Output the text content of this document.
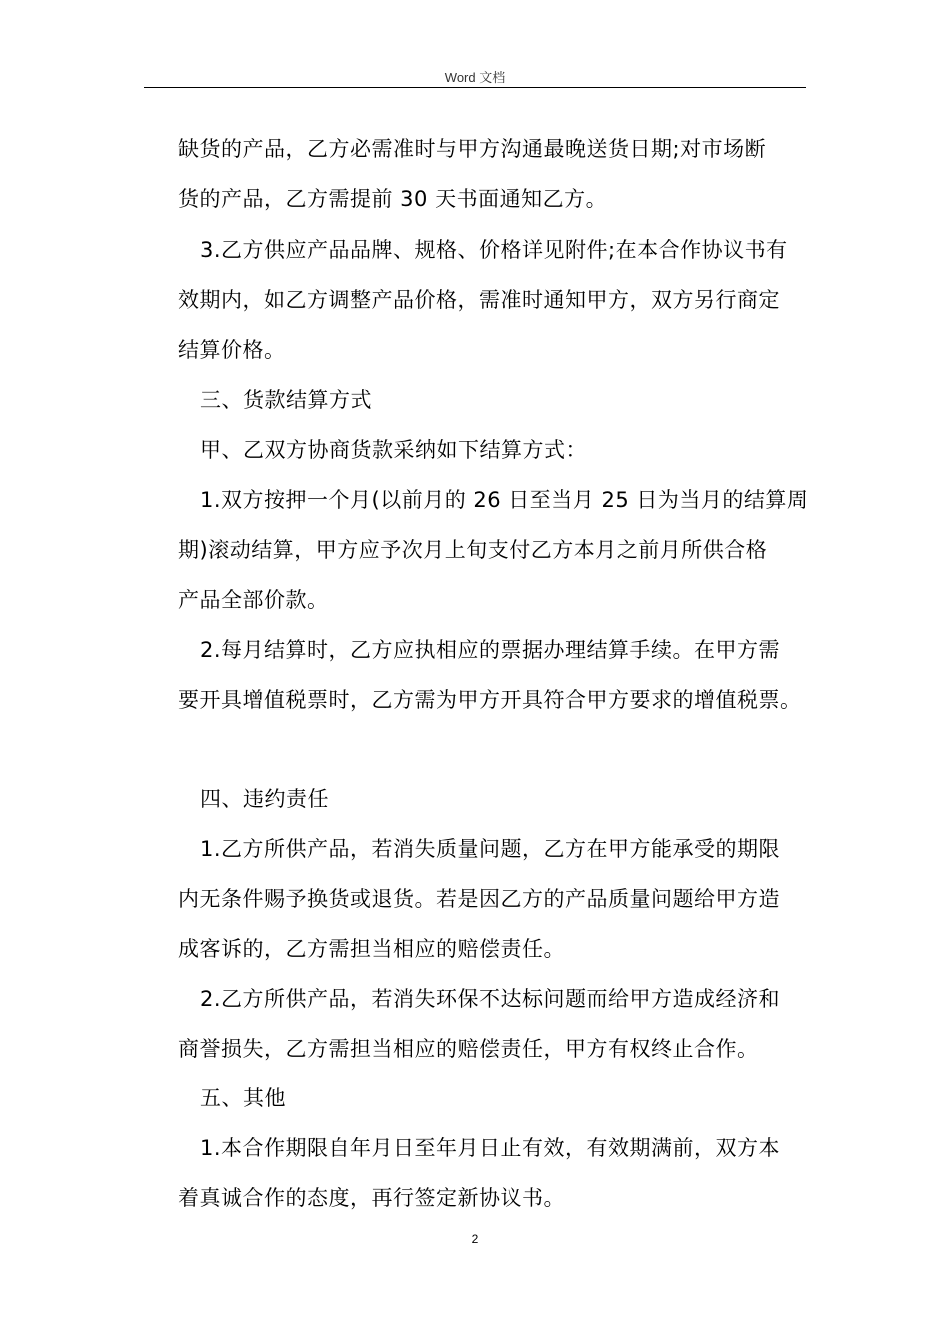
Word 文档
缺货的产品，乙方必需准时与甲方沟通最晚送货日期;对市场断
货的产品，乙方需提前 30 天书面通知乙方。
3.乙方供应产品品牌、规格、价格详见附件;在本合作协议书有
效期内，如乙方调整产品价格，需准时通知甲方，双方另行商定
结算价格。
三、货款结算方式
甲、乙双方协商货款采纳如下结算方式：
1.双方按押一个月(以前月的 26 日至当月 25 日为当月的结算周
期)滚动结算，甲方应予次月上旬支付乙方本月之前月所供合格
产品全部价款。
2.每月结算时，乙方应执相应的票据办理结算手续。在甲方需
要开具增值税票时，乙方需为甲方开具符合甲方要求的增值税票。
四、违约责任
1.乙方所供产品，若消失质量问题，乙方在甲方能承受的期限
内无条件赐予换货或退货。若是因乙方的产品质量问题给甲方造
成客诉的，乙方需担当相应的赔偿责任。
2.乙方所供产品，若消失环保不达标问题而给甲方造成经济和
商誉损失，乙方需担当相应的赔偿责任，甲方有权终止合作。
五、其他
1.本合作期限自年月日至年月日止有效，有效期满前，双方本
着真诚合作的态度，再行签定新协议书。
2
